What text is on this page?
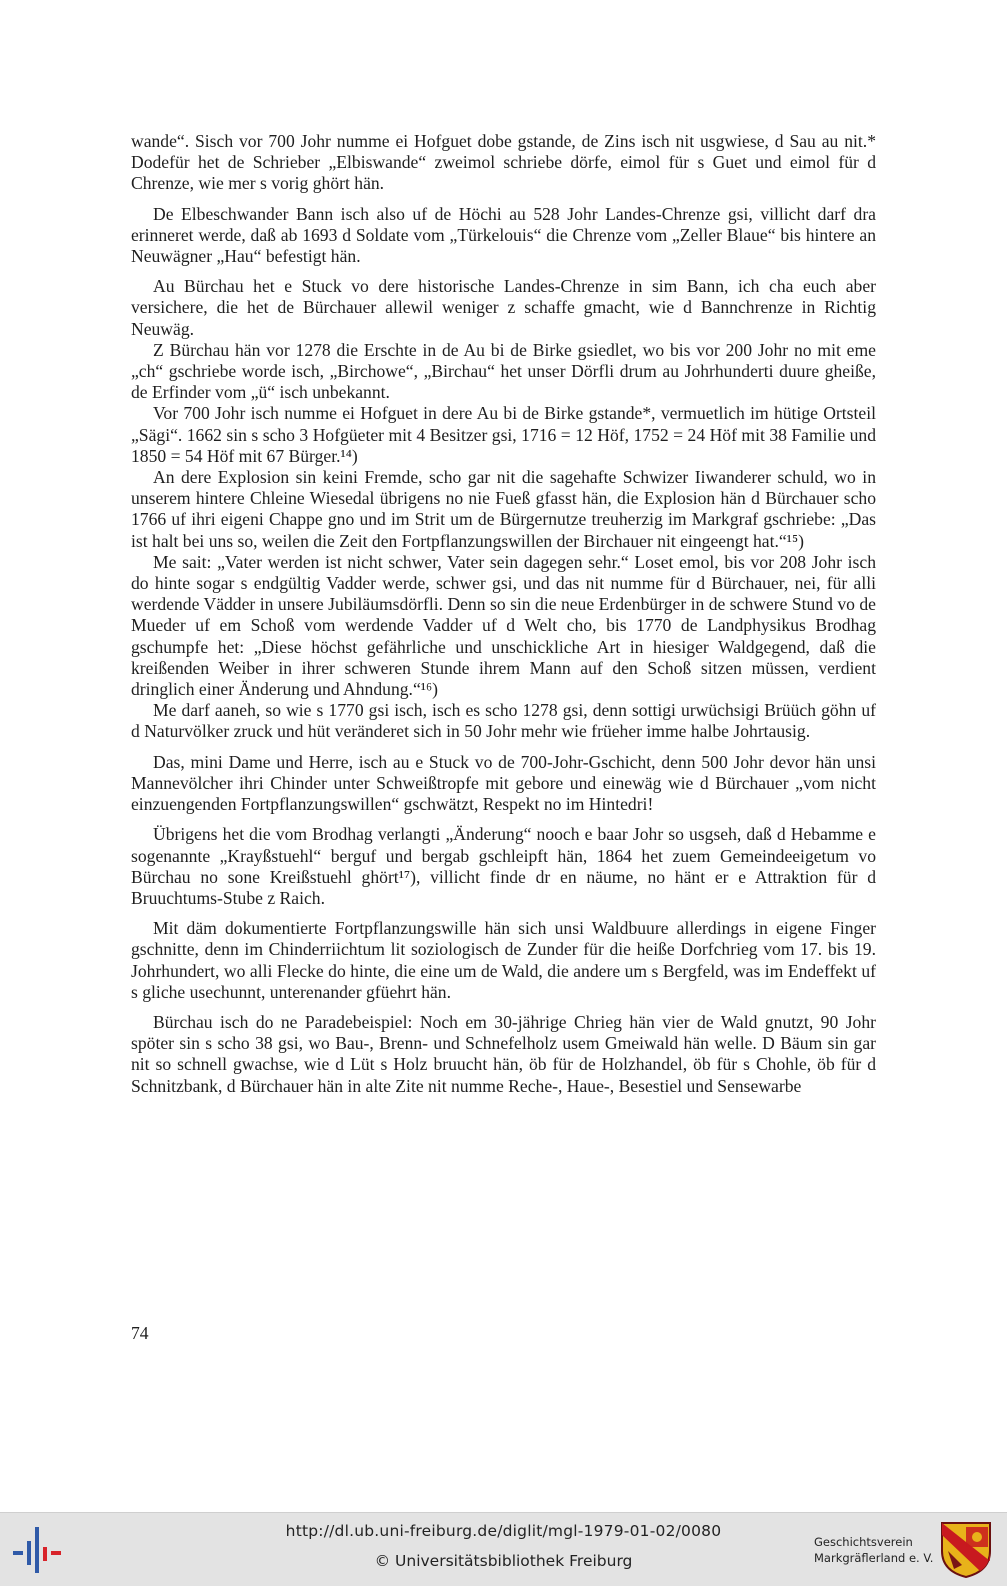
wande“. Sisch vor 700 Johr numme ei Hofguet dobe gstande, de Zins isch nit usgwiese, d Sau au nit.* Dodefür het de Schrieber „Elbiswande“ zweimol schriebe dörfe, eimol für s Guet und eimol für d Chrenze, wie mer s vorig ghört hän.

De Elbeschwander Bann isch also uf de Höchi au 528 Johr Landes-Chrenze gsi, villicht darf dra erinneret werde, daß ab 1693 d Soldate vom „Türkelouis“ die Chrenze vom „Zeller Blaue“ bis hintere an Neuwägner „Hau“ befestigt hän.

Au Bürchau het e Stuck vo dere historische Landes-Chrenze in sim Bann, ich cha euch aber versichere, die het de Bürchauer allewil weniger z schaffe gmacht, wie d Bannchrenze in Richtig Neuwäg.

Z Bürchau hän vor 1278 die Erschte in de Au bi de Birke gsiedlet, wo bis vor 200 Johr no mit eme „ch“ gschriebe worde isch, „Birchowe“, „Birchau“ het unser Dörfli drum au Johrhunderti duure gheiße, de Erfinder vom „ü“ isch unbekannt.

Vor 700 Johr isch numme ei Hofguet in dere Au bi de Birke gstande*, vermuetlich im hütige Ortsteil „Sägi“. 1662 sin s scho 3 Hofgüeter mit 4 Besitzer gsi, 1716 = 12 Höf, 1752 = 24 Höf mit 38 Familie und 1850 = 54 Höf mit 67 Bürger.¹⁴)

An dere Explosion sin keini Fremde, scho gar nit die sagehafte Schwizer Iiwanderer schuld, wo in unserem hintere Chleine Wiesedal übrigens no nie Fueß gfasst hän, die Explosion hän d Bürchauer scho 1766 uf ihri eigeni Chappe gno und im Strit um de Bürgernutze treuherzig im Markgraf gschriebe: „Das ist halt bei uns so, weilen die Zeit den Fortpflanzungswillen der Birchauer nit eingeengt hat.“¹⁵)

Me sait: „Vater werden ist nicht schwer, Vater sein dagegen sehr.“ Loset emol, bis vor 208 Johr isch do hinte sogar s endgültig Vadder werde, schwer gsi, und das nit numme für d Bürchauer, nei, für alli werdende Vädder in unsere Jubiläumsdörfli. Denn so sin die neue Erdenbürger in de schwere Stund vo de Mueder uf em Schoß vom werdende Vadder uf d Welt cho, bis 1770 de Landphysikus Brodhag gschumpfe het: „Diese höchst gefährliche und unschickliche Art in hiesiger Waldgegend, daß die kreißenden Weiber in ihrer schweren Stunde ihrem Mann auf den Schoß sitzen müssen, verdient dringlich einer Änderung und Ahndung.“¹⁶)

Me darf aaneh, so wie s 1770 gsi isch, isch es scho 1278 gsi, denn sottigi urwüchsigi Brüüch göhn uf d Naturvölker zruck und hüt veränderet sich in 50 Johr mehr wie früeher imme halbe Johrtausig.

Das, mini Dame und Herre, isch au e Stuck vo de 700-Johr-Gschicht, denn 500 Johr devor hän unsi Mannevölcher ihri Chinder unter Schweißtropfe mit gebore und einewäg wie d Bürchauer „vom nicht einzuengenden Fortpflanzungswillen“ gschwätzt, Respekt no im Hintedri!

Übrigens het die vom Brodhag verlangti „Änderung“ nooch e baar Johr so usgseh, daß d Hebamme e sogenannte „Krayßstuehl“ berguf und bergab gschleipft hän, 1864 het zuem Gemeindeeigetum vo Bürchau no sone Kreißstuehl ghört¹⁷), villicht finde dr en näume, no hänt er e Attraktion für d Bruuchtums-Stube z Raich.

Mit däm dokumentierte Fortpflanzungswille hän sich unsi Waldbuure allerdings in eigene Finger gschnitte, denn im Chinderriichtum lit soziologisch de Zunder für die heiße Dorfchrieg vom 17. bis 19. Johrhundert, wo alli Flecke do hinte, die eine um de Wald, die andere um s Bergfeld, was im Endeffekt uf s gliche usechunnt, unterenander gfüehrt hän.

Bürchau isch do ne Paradebeispiel: Noch em 30-jährige Chrieg hän vier de Wald gnutzt, 90 Johr spöter sin s scho 38 gsi, wo Bau-, Brenn- und Schnefelholz usem Gmeiwald hän welle. D Bäum sin gar nit so schnell gwachse, wie d Lüt s Holz bruucht hän, öb für de Holzhandel, öb für s Chohle, öb für d Schnitzbank, d Bürchauer hän in alte Zite nit numme Reche-, Haue-, Besestiel und Sensewarbe

74
http://dl.ub.uni-freiburg.de/diglit/mgl-1979-01-02/0080
© Universitätsbibliothek Freiburg
Geschichtsverein
Markgräflerland e. V.
